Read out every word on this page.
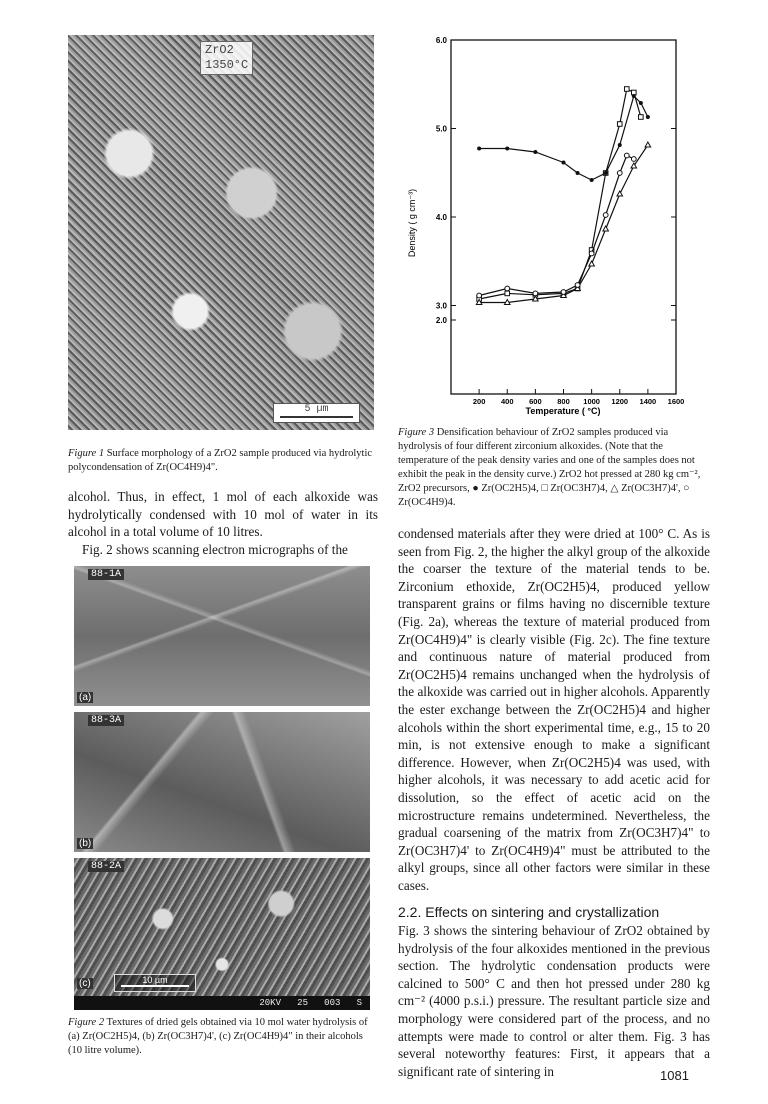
ZrO2
1350°C
5 µm
Figure 1 Surface morphology of a ZrO2 sample produced via hydrolytic polycondensation of Zr(OC4H9)4".
alcohol. Thus, in effect, 1 mol of each alkoxide was hydrolytically condensed with 10 mol of water in its alcohol in a total volume of 10 litres.
Fig. 2 shows scanning electron micrographs of the
88-1A
(a)
88-3A
(b)
88-2A
(c)	10 µm
20KV   25   003   S
Figure 2 Textures of dried gels obtained via 10 mol water hydrolysis of (a) Zr(OC2H5)4, (b) Zr(OC3H7)4', (c) Zr(OC4H9)4" in their alcohols (10 litre volume).
2.0
3.0
4.0
5.0
6.0
200 400 600 800 1000 1200 1400 1600
Density ( g cm⁻³)
Temperature ( °C)
Figure 3 Densification behaviour of ZrO2 samples produced via hydrolysis of four different zirconium alkoxides. (Note that the temperature of the peak density varies and one of the samples does not exhibit the peak in the density curve.) ZrO2 hot pressed at 280 kg cm⁻², ZrO2 precursors, ● Zr(OC2H5)4, □ Zr(OC3H7)4, △ Zr(OC3H7)4', ○ Zr(OC4H9)4.
condensed materials after they were dried at 100° C. As is seen from Fig. 2, the higher the alkyl group of the alkoxide the coarser the texture of the material tends to be. Zirconium ethoxide, Zr(OC2H5)4, produced yellow transparent grains or films having no discernible texture (Fig. 2a), whereas the texture of material produced from Zr(OC4H9)4" is clearly visible (Fig. 2c). The fine texture and continuous nature of material produced from Zr(OC2H5)4 remains unchanged when the hydrolysis of the alkoxide was carried out in higher alcohols. Apparently the ester exchange between the Zr(OC2H5)4 and higher alcohols within the short experimental time, e.g., 15 to 20 min, is not extensive enough to make a significant difference. However, when Zr(OC2H5)4 was used, with higher alcohols, it was necessary to add acetic acid for dissolution, so the effect of acetic acid on the microstructure remains undetermined. Nevertheless, the gradual coarsening of the matrix from Zr(OC3H7)4" to Zr(OC3H7)4' to Zr(OC4H9)4" must be attributed to the alkyl groups, since all other factors were similar in these cases.
2.2. Effects on sintering and crystallization
Fig. 3 shows the sintering behaviour of ZrO2 obtained by hydrolysis of the four alkoxides mentioned in the previous section. The hydrolytic condensation products were calcined to 500° C and then hot pressed under 280 kg cm⁻² (4000 p.s.i.) pressure. The resultant particle size and morphology were considered part of the process, and no attempts were made to control or alter them. Fig. 3 has several noteworthy features: First, it appears that a significant rate of sintering in	1081
